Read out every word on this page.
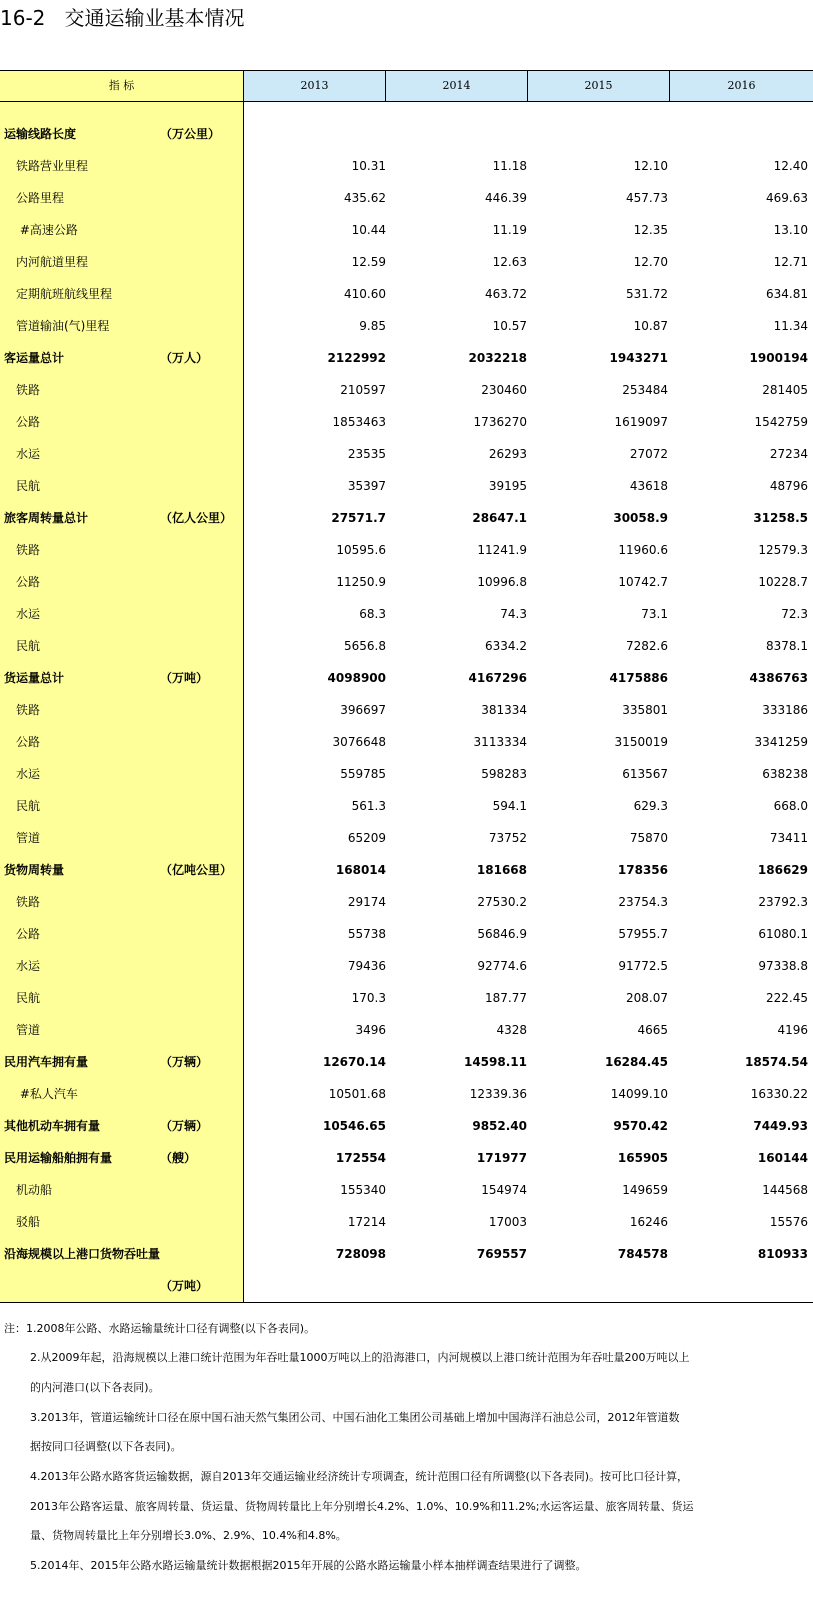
16-2   交通运输业基本情况
指 标	2013	2014	2015	2016
运输线路长度	（万公里）
铁路营业里程	10.31	11.18	12.10	12.40
公路里程	435.62	446.39	457.73	469.63
#高速公路	10.44	11.19	12.35	13.10
内河航道里程	12.59	12.63	12.70	12.71
定期航班航线里程	410.60	463.72	531.72	634.81
管道输油(气)里程	9.85	10.57	10.87	11.34
客运量总计	（万人）	2122992	2032218	1943271	1900194
铁路	210597	230460	253484	281405
公路	1853463	1736270	1619097	1542759
水运	23535	26293	27072	27234
民航	35397	39195	43618	48796
旅客周转量总计	（亿人公里）	27571.7	28647.1	30058.9	31258.5
铁路	10595.6	11241.9	11960.6	12579.3
公路	11250.9	10996.8	10742.7	10228.7
水运	68.3	74.3	73.1	72.3
民航	5656.8	6334.2	7282.6	8378.1
货运量总计	（万吨）	4098900	4167296	4175886	4386763
铁路	396697	381334	335801	333186
公路	3076648	3113334	3150019	3341259
水运	559785	598283	613567	638238
民航	561.3	594.1	629.3	668.0
管道	65209	73752	75870	73411
货物周转量	（亿吨公里）	168014	181668	178356	186629
铁路	29174	27530.2	23754.3	23792.3
公路	55738	56846.9	57955.7	61080.1
水运	79436	92774.6	91772.5	97338.8
民航	170.3	187.77	208.07	222.45
管道	3496	4328	4665	4196
民用汽车拥有量	（万辆）	12670.14	14598.11	16284.45	18574.54
#私人汽车	10501.68	12339.36	14099.10	16330.22
其他机动车拥有量	（万辆）	10546.65	9852.40	9570.42	7449.93
民用运输船舶拥有量	（艘）	172554	171977	165905	160144
机动船	155340	154974	149659	144568
驳船	17214	17003	16246	15576
沿海规模以上港口货物吞吐量	728098	769557	784578	810933
（万吨）
注：1.2008年公路、水路运输量统计口径有调整(以下各表同)。
2.从2009年起，沿海规模以上港口统计范围为年吞吐量1000万吨以上的沿海港口，内河规模以上港口统计范围为年吞吐量200万吨以上
的内河港口(以下各表同)。
3.2013年，管道运输统计口径在原中国石油天然气集团公司、中国石油化工集团公司基础上增加中国海洋石油总公司，2012年管道数
据按同口径调整(以下各表同)。
4.2013年公路水路客货运输数据，源自2013年交通运输业经济统计专项调查，统计范围口径有所调整(以下各表同)。按可比口径计算，
2013年公路客运量、旅客周转量、货运量、货物周转量比上年分别增长4.2%、1.0%、10.9%和11.2%;水运客运量、旅客周转量、货运
量、货物周转量比上年分别增长3.0%、2.9%、10.4%和4.8%。
5.2014年、2015年公路水路运输量统计数据根据2015年开展的公路水路运输量小样本抽样调查结果进行了调整。
